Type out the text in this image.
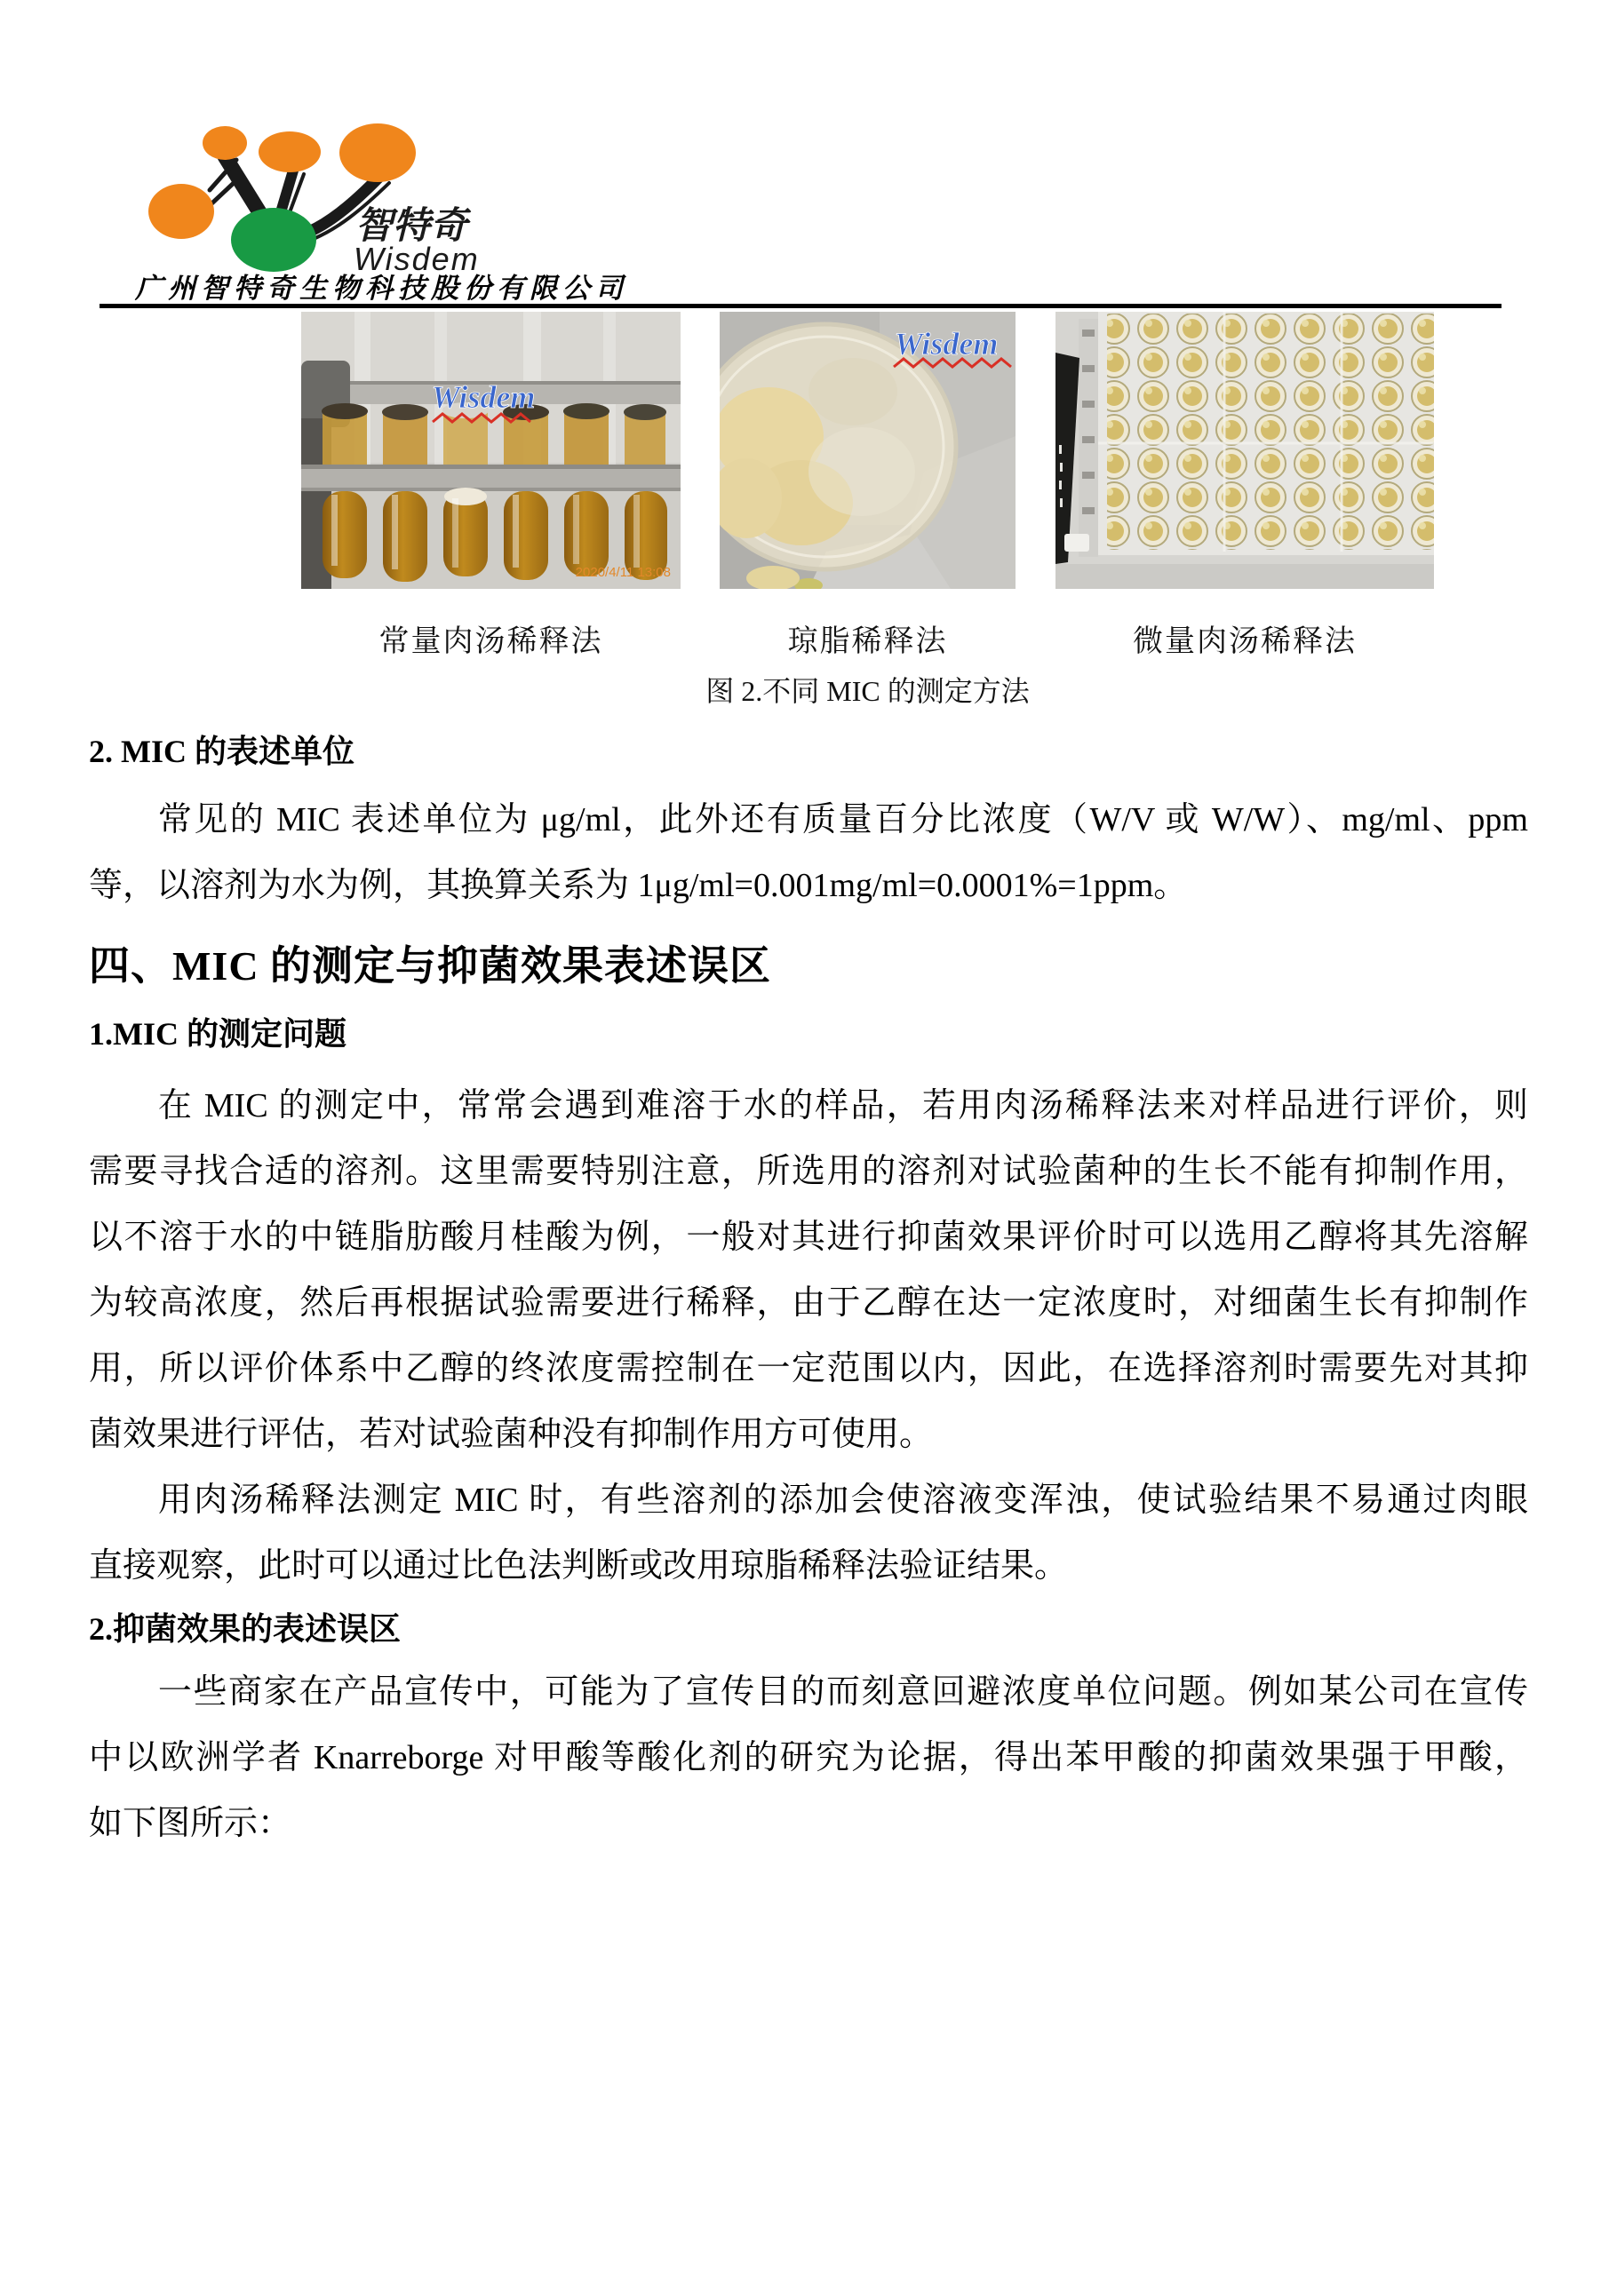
智特奇
Wisdem
广州智特奇生物科技股份有限公司
Wisdem
2020/4/11 13:08
Wisdem
常量肉汤稀释法	琼脂稀释法	微量肉汤稀释法
图 2.不同 MIC 的测定方法
2. MIC 的表述单位
常见的 MIC 表述单位为 μg/ml，此外还有质量百分比浓度（W/V 或 W/W）、mg/ml、ppm
等，以溶剂为水为例，其换算关系为 1μg/ml=0.001mg/ml=0.0001%=1ppm。
四、MIC 的测定与抑菌效果表述误区
1.MIC 的测定问题
在 MIC 的测定中，常常会遇到难溶于水的样品，若用肉汤稀释法来对样品进行评价，则
需要寻找合适的溶剂。这里需要特别注意，所选用的溶剂对试验菌种的生长不能有抑制作用，
以不溶于水的中链脂肪酸月桂酸为例，一般对其进行抑菌效果评价时可以选用乙醇将其先溶解
为较高浓度，然后再根据试验需要进行稀释，由于乙醇在达一定浓度时，对细菌生长有抑制作
用，所以评价体系中乙醇的终浓度需控制在一定范围以内，因此，在选择溶剂时需要先对其抑
菌效果进行评估，若对试验菌种没有抑制作用方可使用。
用肉汤稀释法测定 MIC 时，有些溶剂的添加会使溶液变浑浊，使试验结果不易通过肉眼
直接观察，此时可以通过比色法判断或改用琼脂稀释法验证结果。
2.抑菌效果的表述误区
一些商家在产品宣传中，可能为了宣传目的而刻意回避浓度单位问题。例如某公司在宣传
中以欧洲学者 Knarreborge 对甲酸等酸化剂的研究为论据，得出苯甲酸的抑菌效果强于甲酸，
如下图所示：
